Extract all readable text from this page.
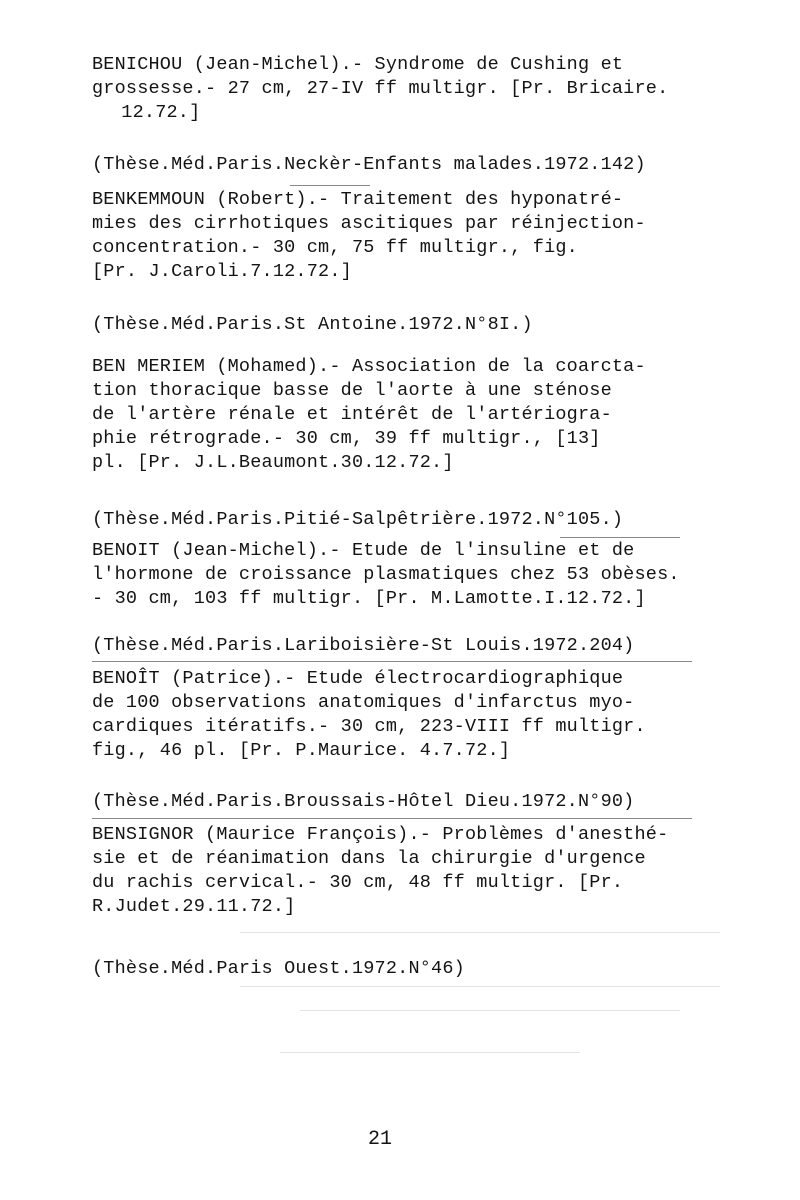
BENICHOU (Jean-Michel).- Syndrome de Cushing et
grossesse.- 27 cm, 27-IV ff multigr. [Pr. Bricaire.
12.72.]
(Thèse.Méd.Paris.Neckèr-Enfants malades.1972.142)
BENKEMMOUN (Robert).- Traitement des hyponatré-
mies des cirrhotiques ascitiques par réinjection-
concentration.- 30 cm, 75 ff multigr., fig.
[Pr. J.Caroli.7.12.72.]
(Thèse.Méd.Paris.St Antoine.1972.N°8I.)
BEN MERIEM (Mohamed).- Association de la coarcta-
tion thoracique basse de l'aorte à une sténose
de l'artère rénale et intérêt de l'artériogra-
phie rétrograde.- 30 cm, 39 ff multigr., [13]
pl. [Pr. J.L.Beaumont.30.12.72.]
(Thèse.Méd.Paris.Pitié-Salpêtrière.1972.N°105.)
BENOIT (Jean-Michel).- Etude de l'insuline et de
l'hormone de croissance plasmatiques chez 53 obèses.
- 30 cm, 103 ff multigr. [Pr. M.Lamotte.I.12.72.]
(Thèse.Méd.Paris.Lariboisière-St Louis.1972.204)
BENOÎT (Patrice).- Etude électrocardiographique
de 100 observations anatomiques d'infarctus myo-
cardiques itératifs.- 30 cm, 223-VIII ff multigr.
fig., 46 pl. [Pr. P.Maurice. 4.7.72.]
(Thèse.Méd.Paris.Broussais-Hôtel Dieu.1972.N°90)
BENSIGNOR (Maurice François).- Problèmes d'anesthé-
sie et de réanimation dans la chirurgie d'urgence
du rachis cervical.- 30 cm, 48 ff multigr. [Pr.
R.Judet.29.11.72.]
(Thèse.Méd.Paris Ouest.1972.N°46)
21
